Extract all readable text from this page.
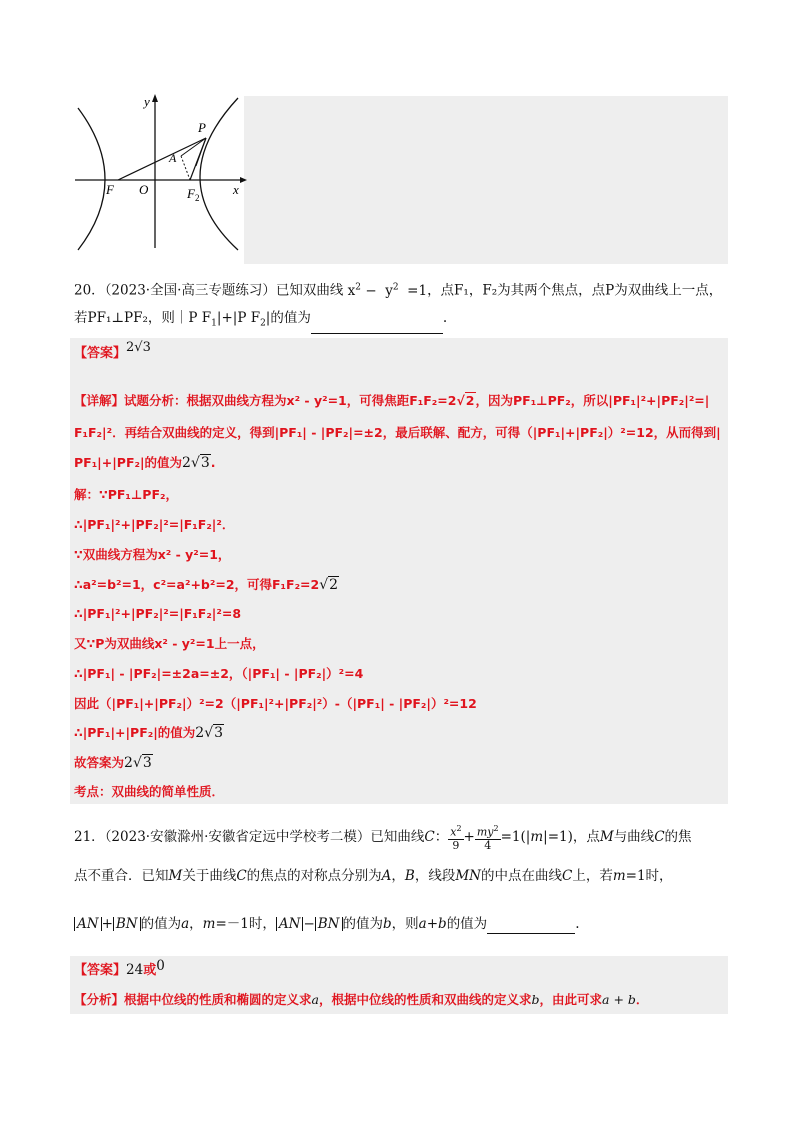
y
x
P
A
F O	$F_2$
20．（2023·全国·高三专题练习）已知双曲线 $x^2 - y^2 =1$，点F₁，F₂为其两个焦点，点P为双曲线上一点，
若PF₁⊥PF₂，则｜P $F_1|+|P$ $F_2|$的值为	.
【答案】2√3
【详解】试题分析：根据双曲线方程为x² - y²=1，可得焦距F₁F₂=2√2，因为PF₁⊥PF₂，所以|PF₁|²+|PF₂|²=|
F₁F₂|²．再结合双曲线的定义，得到|PF₁| - |PF₂|=±2，最后联解、配方，可得（|PF₁|+|PF₂|）²=12，从而得到|
PF₁|+|PF₂|的值为2√3.
解：∵PF₁⊥PF₂，
∴|PF₁|²+|PF₂|²=|F₁F₂|²．
∵双曲线方程为x² - y²=1，
∴a²=b²=1，c²=a²+b²=2，可得F₁F₂=2√2
∴|PF₁|²+|PF₂|²=|F₁F₂|²=8
又∵P为双曲线x² - y²=1上一点，
∴|PF₁| - |PF₂|=±2a=±2，（|PF₁| - |PF₂|）²=4
因此（|PF₁|+|PF₂|）²=2（|PF₁|²+|PF₂|²）-（|PF₁| - |PF₂|）²=12
∴|PF₁|+|PF₂|的值为2√3
故答案为2√3
考点：双曲线的简单性质．
21．（2023·安徽滁州·安徽省定远中学校考二模）已知曲线C： $\frac{x^2}{9} + \frac{my^2}{4} =1(|m|=1)$，点M与曲线C的焦
点不重合．已知M关于曲线C的焦点的对称点分别为A，B，线段MN的中点在曲线C上，若m=1时，
AN + BN 的值为a，m=－1时， AN − BN 的值为b，则a+b的值为	.
【答案】24或0
【分析】根据中位线的性质和椭圆的定义求a，根据中位线的性质和双曲线的定义求b，由此可求a + b．
